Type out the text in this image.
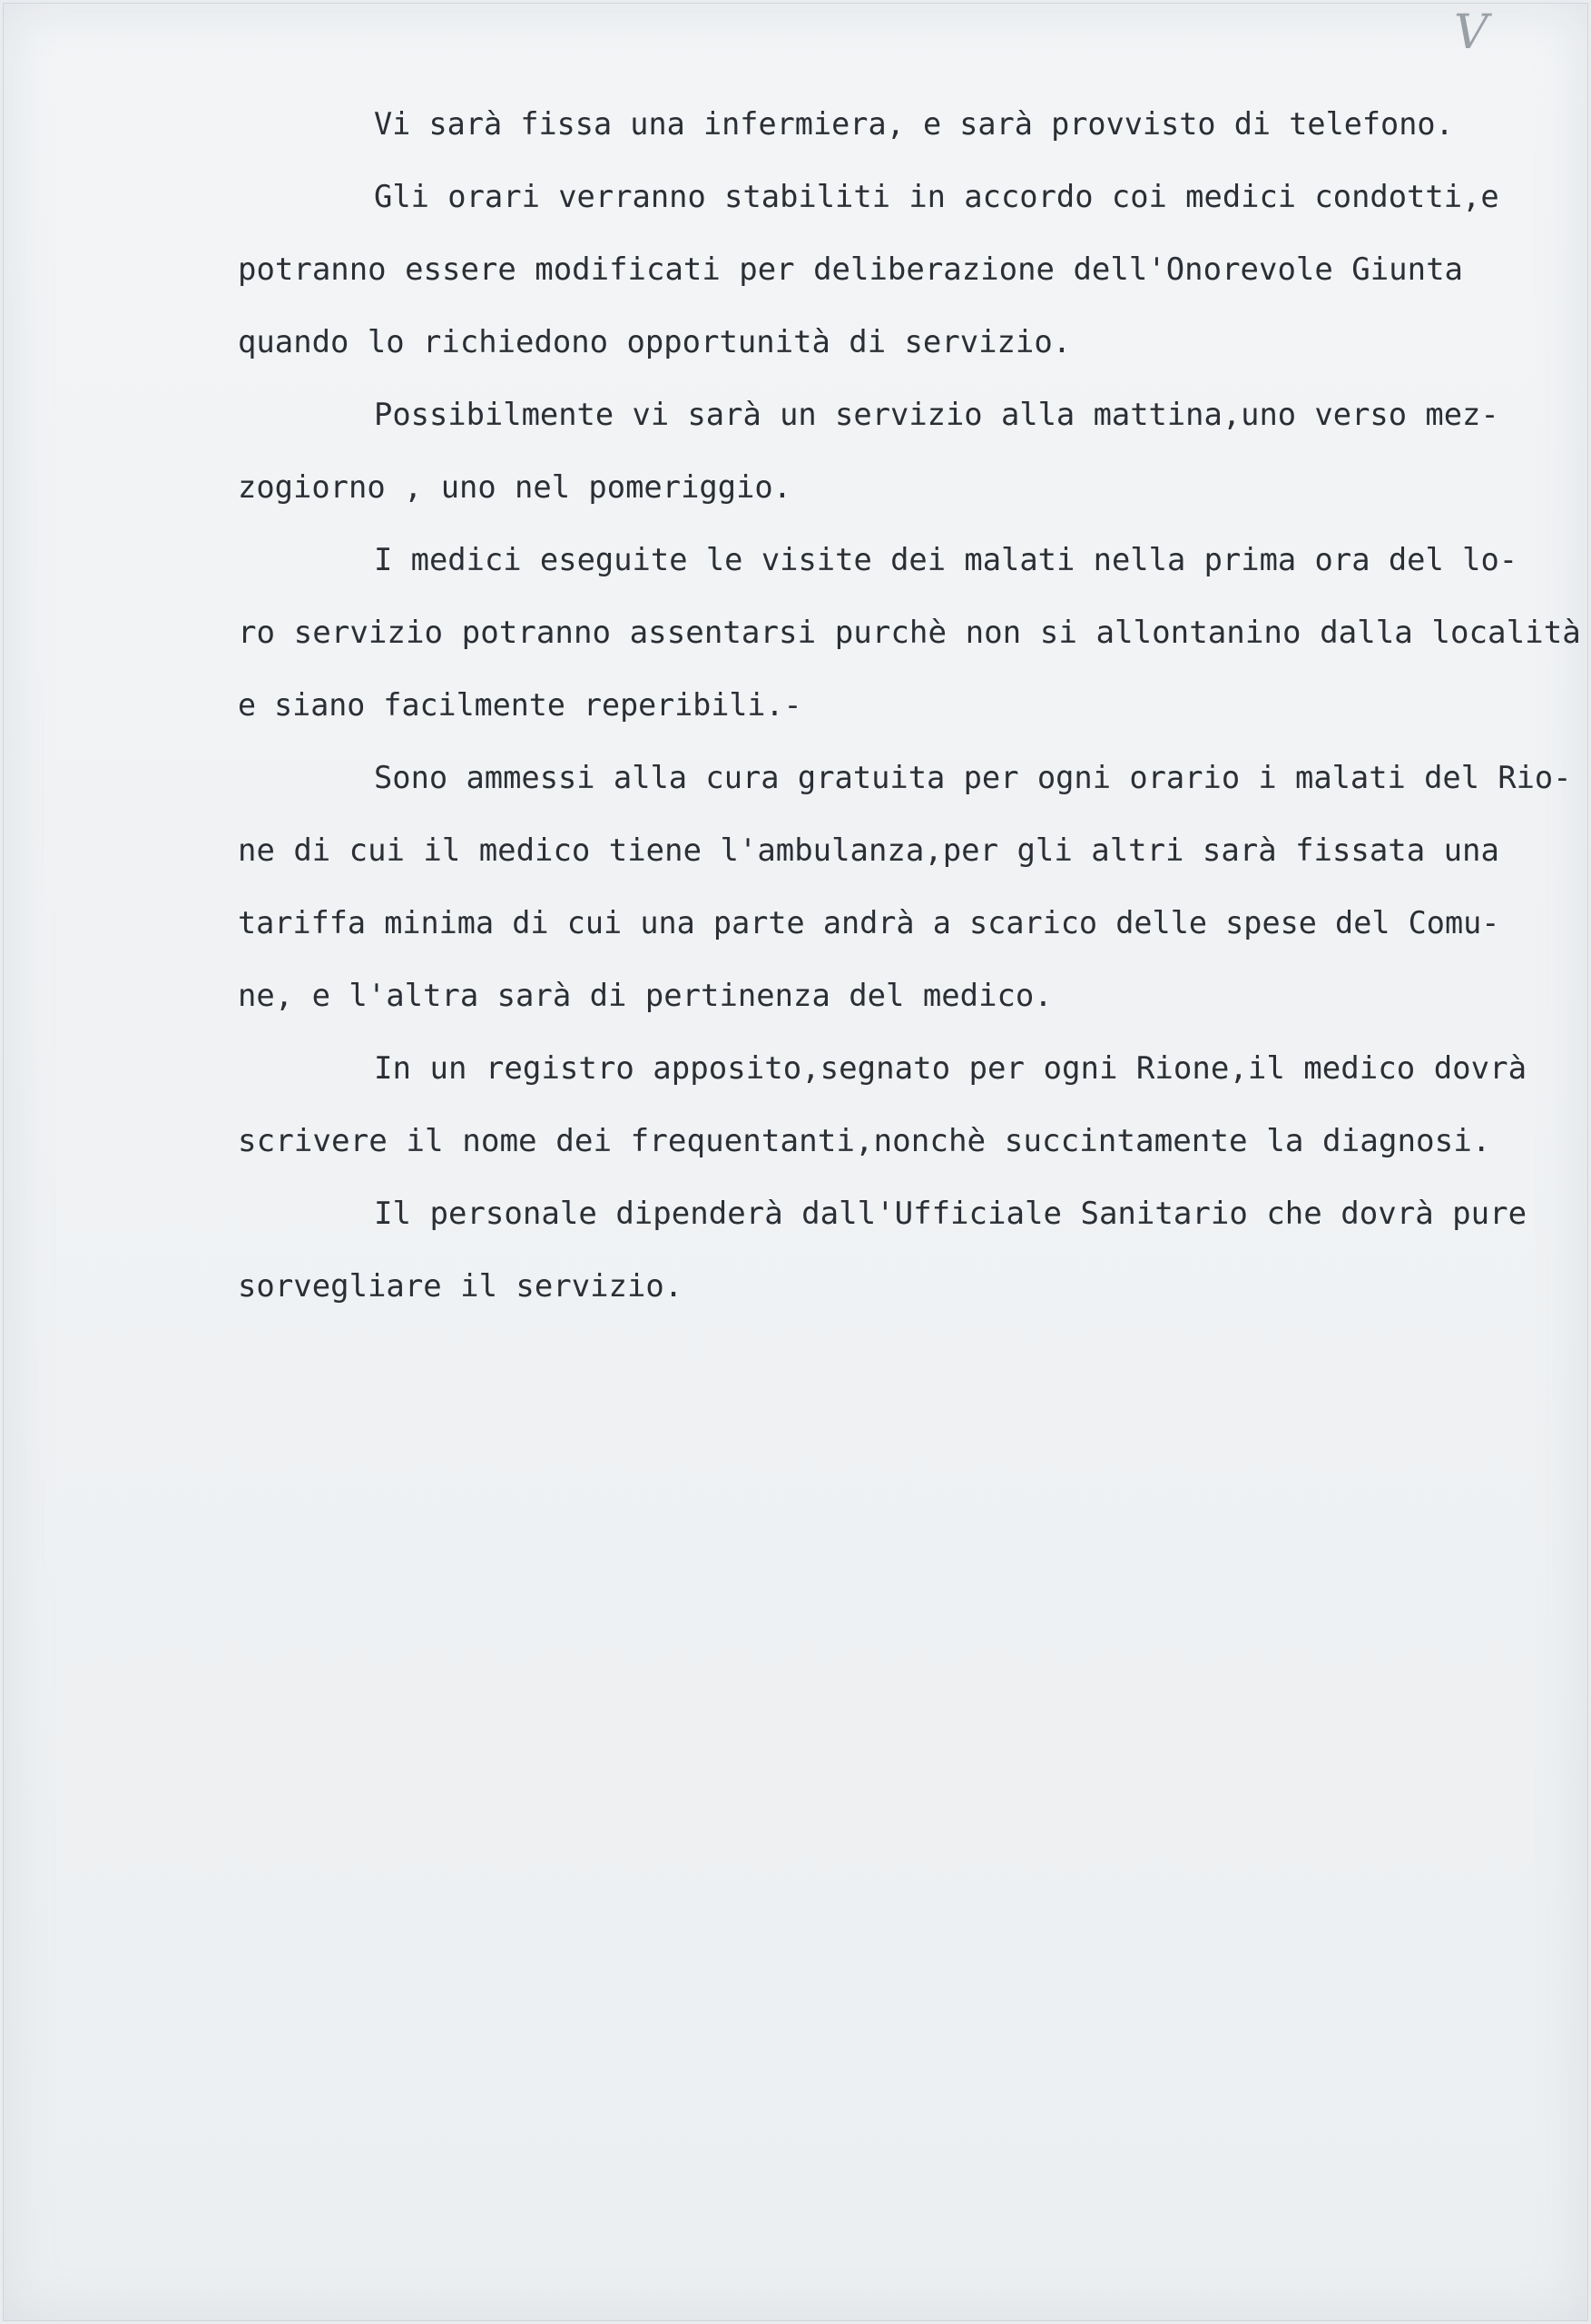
V
Vi sarà fissa una infermiera, e sarà provvisto di telefono.
Gli orari verranno stabiliti in accordo coi medici condotti,e
potranno essere modificati per deliberazione dell'Onorevole Giunta
quando lo richiedono opportunità di servizio.
Possibilmente vi sarà un servizio alla mattina,uno verso mez-
zogiorno , uno nel pomeriggio.
I medici eseguite le visite dei malati nella prima ora del lo-
ro servizio potranno assentarsi purchè non si allontanino dalla località
e siano facilmente reperibili.-
Sono ammessi alla cura gratuita per ogni orario i malati del Rio-
ne di cui il medico tiene l'ambulanza,per gli altri sarà fissata una
tariffa minima di cui una parte andrà a scarico delle spese del Comu-
ne, e l'altra sarà di pertinenza del medico.
In un registro apposito,segnato per ogni Rione,il medico dovrà
scrivere il nome dei frequentanti,nonchè succintamente la diagnosi.
Il personale dipenderà dall'Ufficiale Sanitario che dovrà pure
sorvegliare il servizio.
